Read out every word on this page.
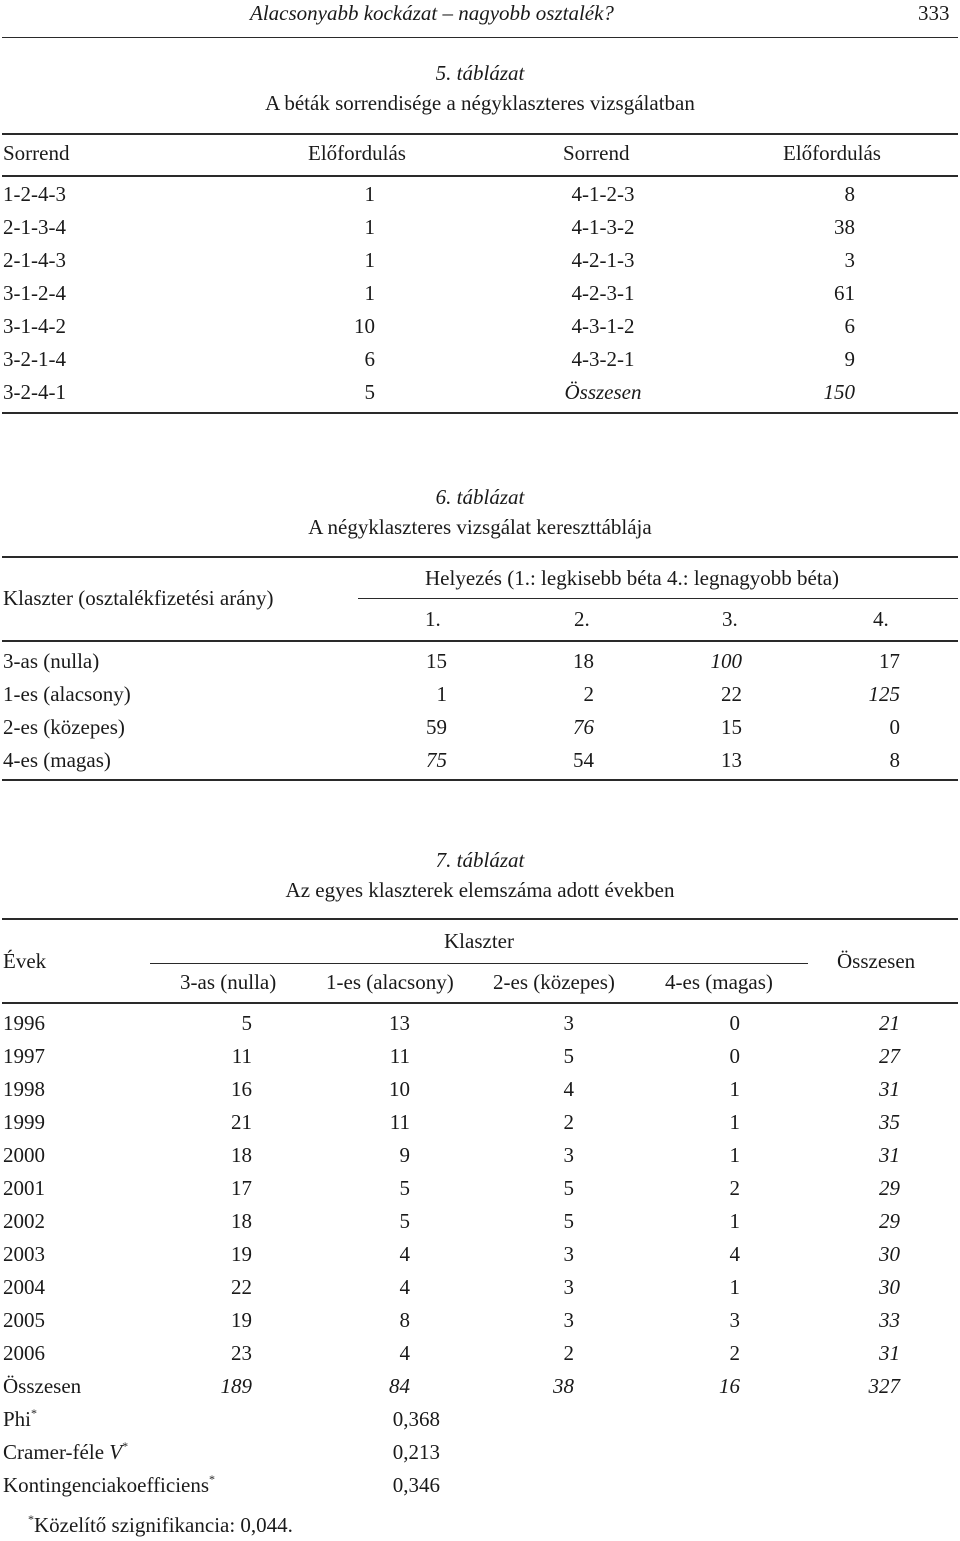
Alacsonyabb kockázat – nagyobb osztalék?	333
5. táblázat
A béták sorrendisége a négyklaszteres vizsgálatban
Sorrend	Előfordulás	Sorrend	Előfordulás
1-2-4-3	1	4-1-2-3	8
2-1-3-4	1	4-1-3-2	38
2-1-4-3	1	4-2-1-3	3
3-1-2-4	1	4-2-3-1	61
3-1-4-2	10	4-3-1-2	6
3-2-1-4	6	4-3-2-1	9
3-2-4-1	5	Összesen	150
6. táblázat
A négyklaszteres vizsgálat kereszttáblája
Klaszter (osztalékfizetési arány)
Helyezés (1.: legkisebb béta 4.: legnagyobb béta)
1.	2.	3.	4.
3-as (nulla)	15	18	100	17
1-es (alacsony)	1	2	22	125
2-es (közepes)	59	76	15	0
4-es (magas)	75	54	13	8
7. táblázat
Az egyes klaszterek elemszáma adott években
Évek
Klaszter
Összesen
3-as (nulla) 1-es (alacsony) 2-es (közepes) 4-es (magas)
1996	5	13	3	0	21
1997	11	11	5	0	27
1998	16	10	4	1	31
1999	21	11	2	1	35
2000	18	9	3	1	31
2001	17	5	5	2	29
2002	18	5	5	1	29
2003	19	4	3	4	30
2004	22	4	3	1	30
2005	19	8	3	3	33
2006	23	4	2	2	31
Összesen	189	84	38	16	327
Phi*	0,368
Cramer-féle V*	0,213
Kontingenciakoefficiens*	0,346
*Közelítő szignifikancia: 0,044.
